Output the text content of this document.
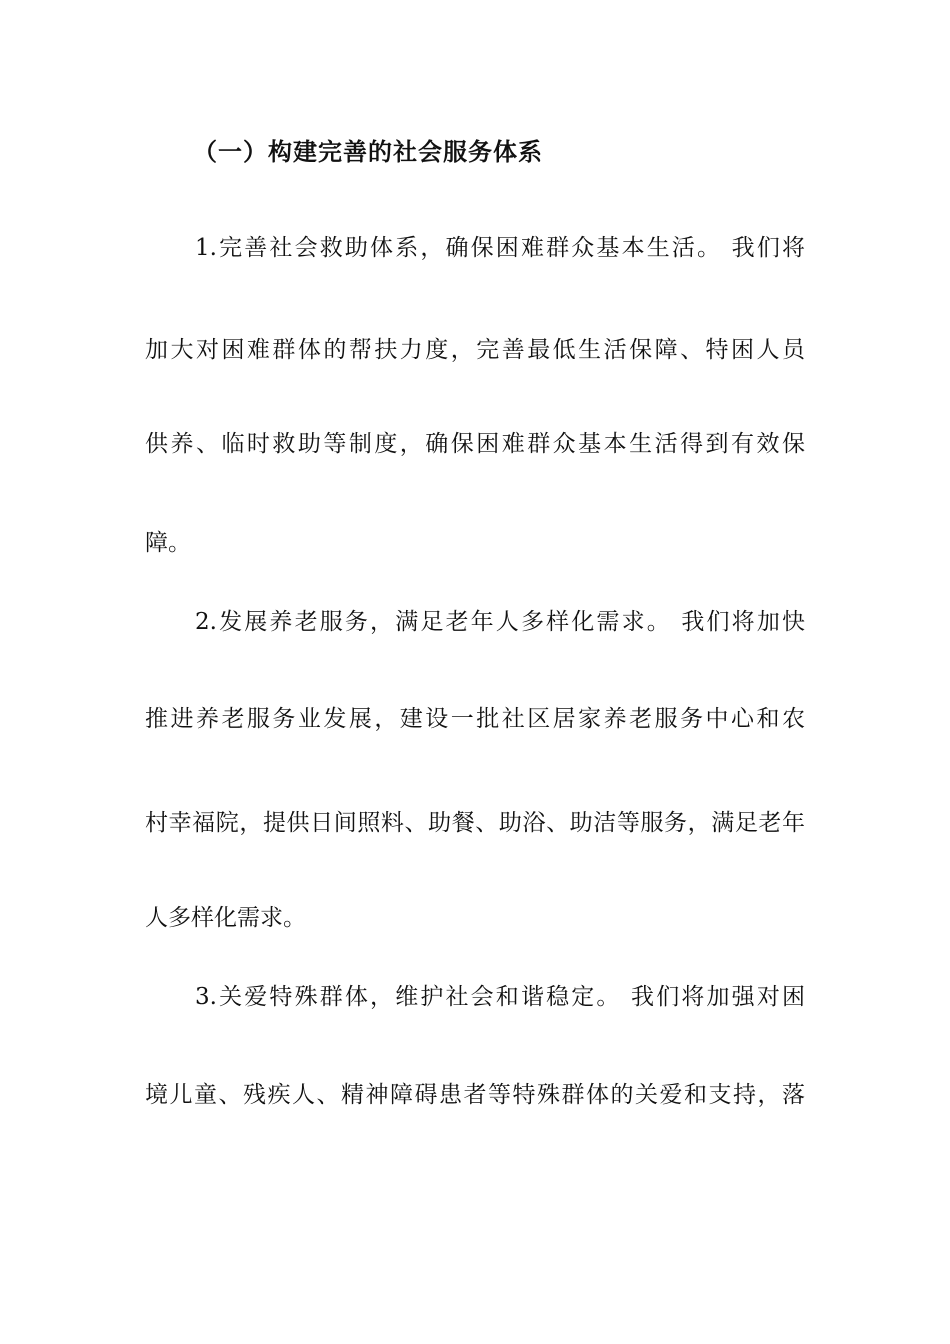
（一）构建完善的社会服务体系
1.完善社会救助体系，确保困难群众基本生活。 我们将
加大对困难群体的帮扶力度，完善最低生活保障、特困人员
供养、临时救助等制度，确保困难群众基本生活得到有效保
障。
2.发展养老服务，满足老年人多样化需求。 我们将加快
推进养老服务业发展，建设一批社区居家养老服务中心和农
村幸福院，提供日间照料、助餐、助浴、助洁等服务，满足老年
人多样化需求。
3.关爱特殊群体，维护社会和谐稳定。 我们将加强对困
境儿童、残疾人、精神障碍患者等特殊群体的关爱和支持，落
